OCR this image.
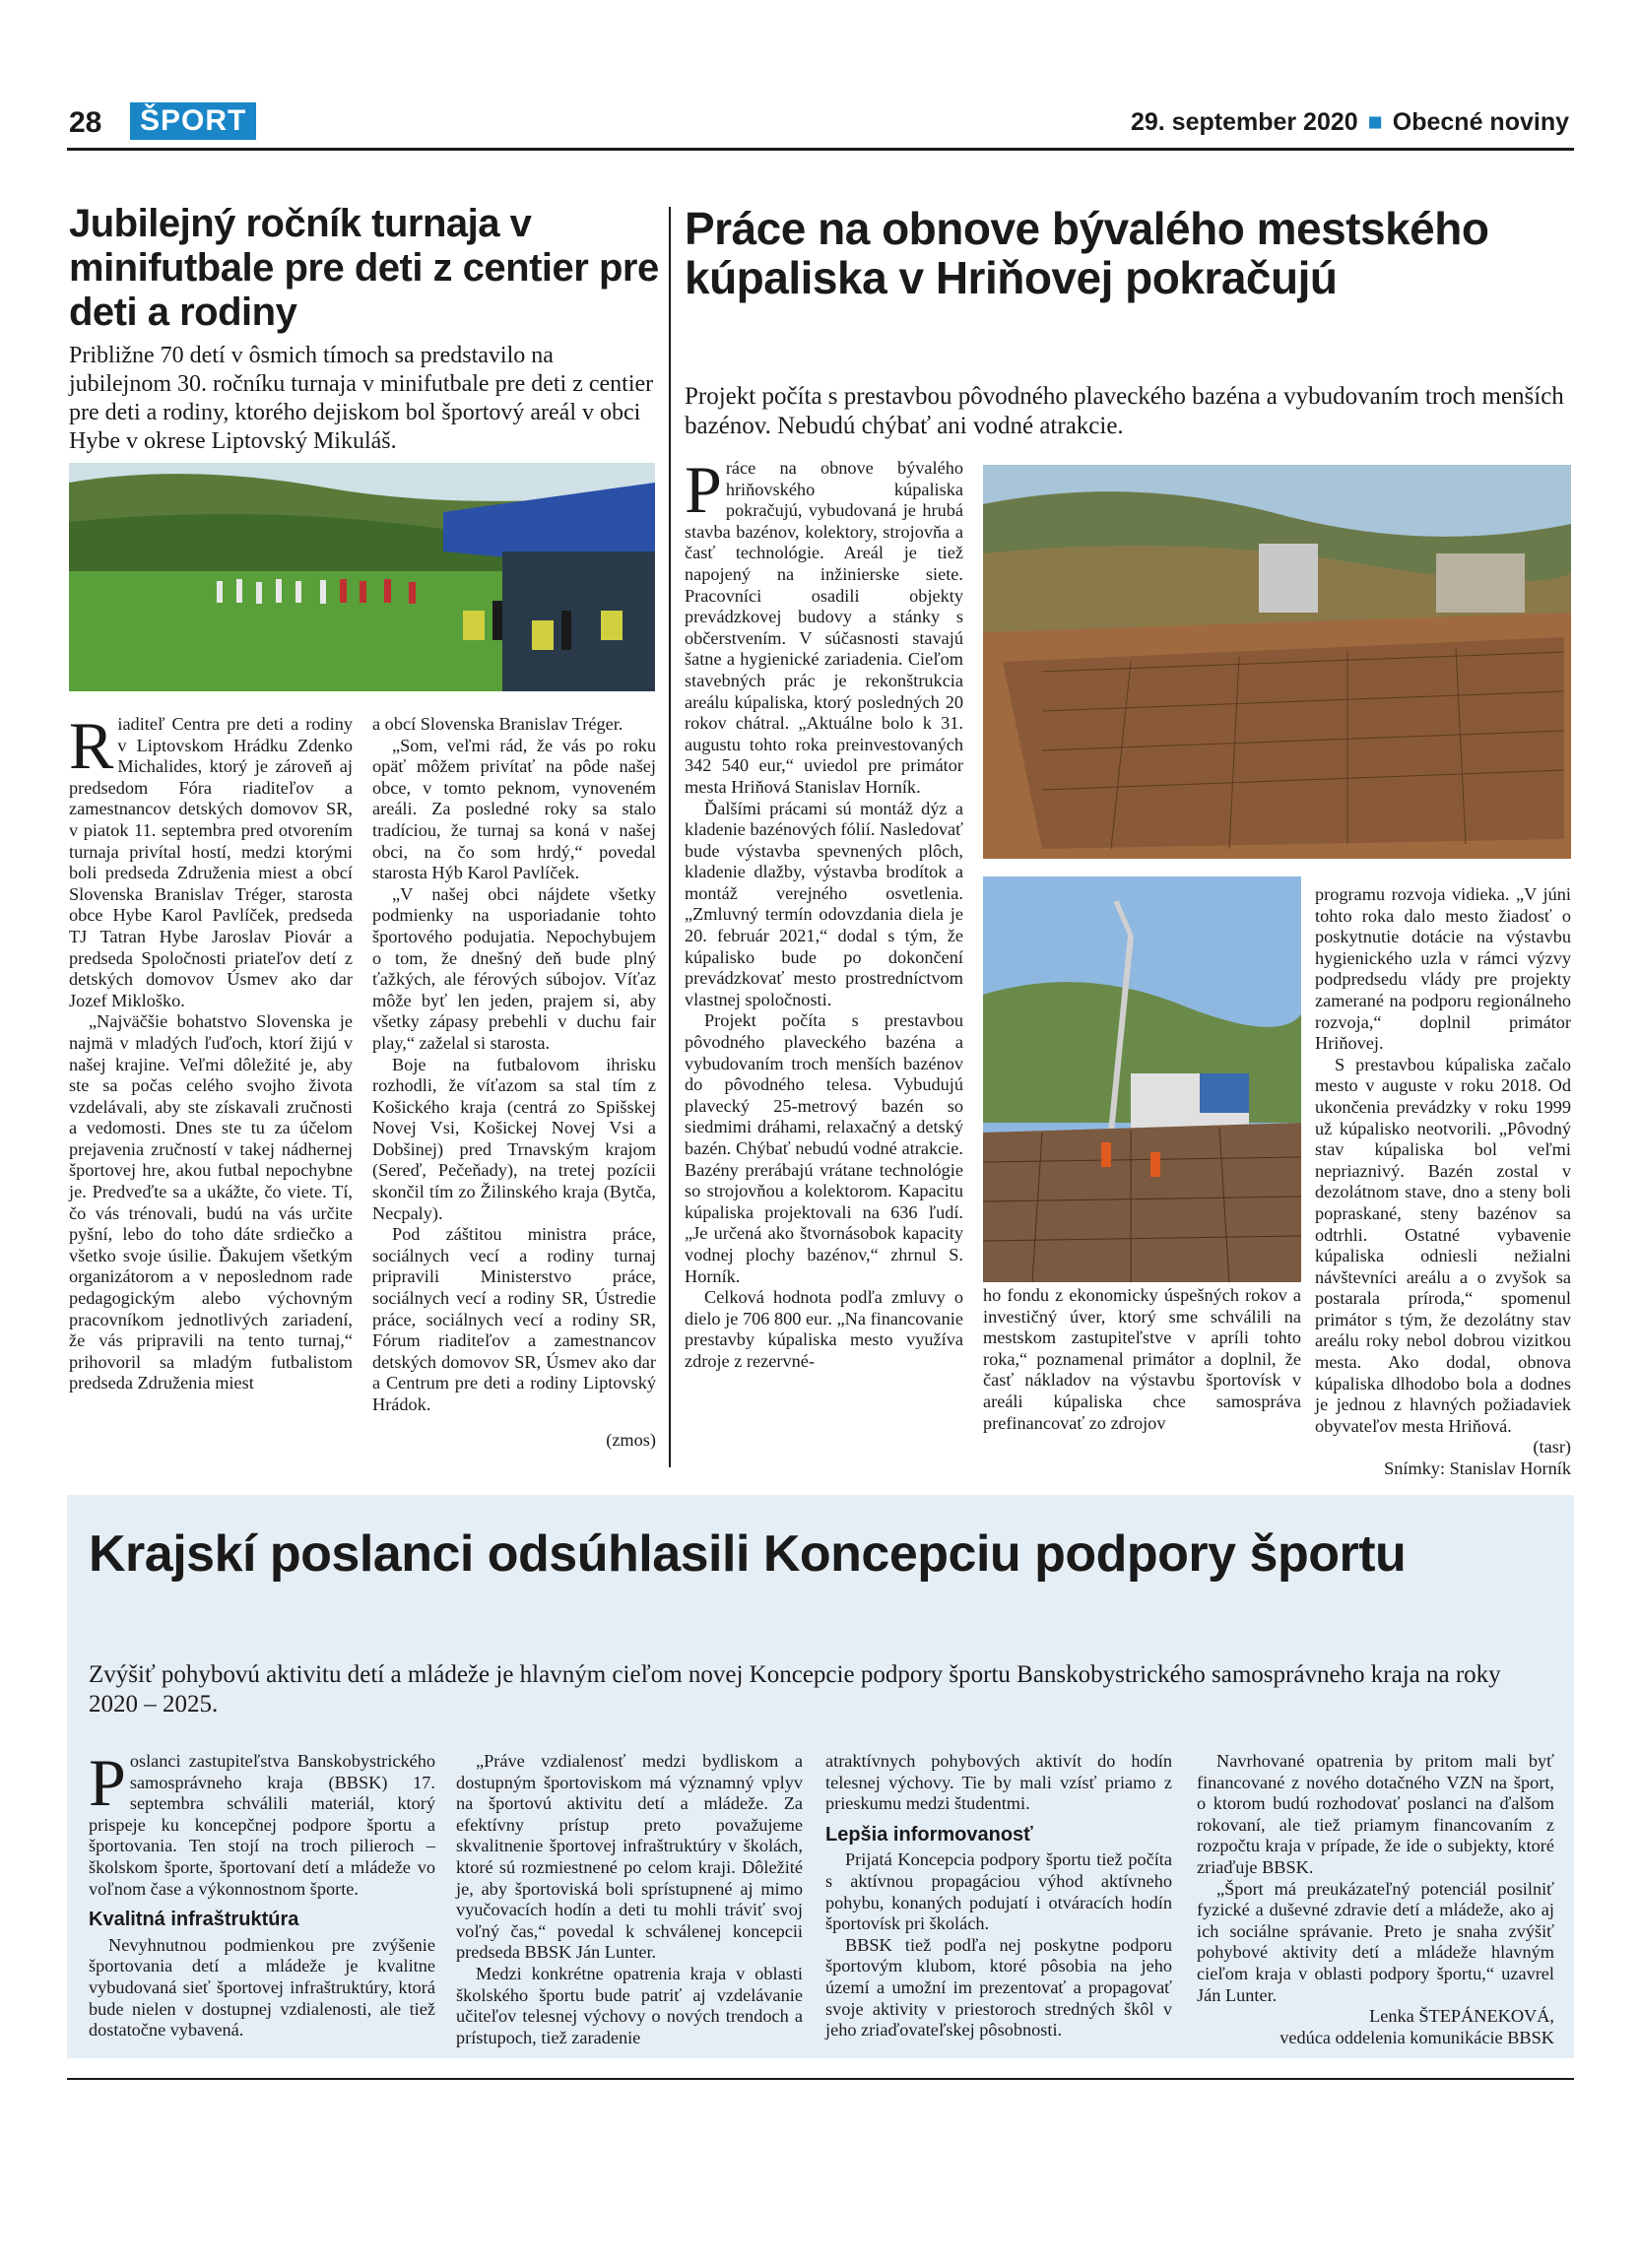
28	ŠPORT	29. september 2020 ■ Obecné noviny
Jubilejný ročník turnaja v minifutbale pre deti z centier pre deti a rodiny
Približne 70 detí v ôsmich tímoch sa predstavilo na jubilejnom 30. ročníku turnaja v minifutbale pre deti z centier pre deti a rodiny, ktorého dejiskom bol športový areál v obci Hybe v okrese Liptovský Mikuláš.

Riaditeľ Centra pre deti a rodiny v Liptovskom Hrádku Zdenko Michalides, ktorý je zároveň aj predsedom Fóra riaditeľov a zamestnancov detských domovov SR, v piatok 11. septembra pred otvorením turnaja privítal hostí, medzi ktorými boli predseda Združenia miest a obcí Slovenska Branislav Tréger, starosta obce Hybe Karol Pavlíček, predseda TJ Tatran Hybe Jaroslav Piovár a predseda Spoločnosti priateľov detí z detských domovov Úsmev ako dar Jozef Mikloško.

„Najväčšie bohatstvo Slovenska je najmä v mladých ľuďoch, ktorí žijú v našej krajine. Veľmi dôležité je, aby ste sa počas celého svojho života vzdelávali, aby ste získavali zručnosti a vedomosti. Dnes ste tu za účelom prejavenia zručností v takej nádhernej športovej hre, akou futbal nepochybne je. Predveďte sa a ukážte, čo viete. Tí, čo vás trénovali, budú na vás určite pyšní, lebo do toho dáte srdiečko a všetko svoje úsilie. Ďakujem všetkým organizátorom a v neposlednom rade pedagogickým alebo výchovným pracovníkom jednotlivých zariadení, že vás pripravili na tento turnaj,“ prihovoril sa mladým futbalistom predseda Združenia miest

a obcí Slovenska Branislav Tréger.

„Som, veľmi rád, že vás po roku opäť môžem privítať na pôde našej obce, v tomto peknom, vynoveném areáli. Za posledné roky sa stalo tradíciou, že turnaj sa koná v našej obci, na čo som hrdý,“ povedal starosta Hýb Karol Pavlíček.

„V našej obci nájdete všetky podmienky na usporiadanie tohto športového podujatia. Nepochybujem o tom, že dnešný deň bude plný ťažkých, ale férových súbojov. Víťaz môže byť len jeden, prajem si, aby všetky zápasy prebehli v duchu fair play,“ zaželal si starosta.

Boje na futbalovom ihrisku rozhodli, že víťazom sa stal tím z Košického kraja (centrá zo Spišskej Novej Vsi, Košickej Novej Vsi a Dobšinej) pred Trnavským krajom (Sereď, Pečeňady), na tretej pozícii skončil tím zo Žilinského kraja (Bytča, Necpaly).

Pod záštitou ministra práce, sociálnych vecí a rodiny turnaj pripravili Ministerstvo práce, sociálnych vecí a rodiny SR, Ústredie práce, sociálnych vecí a rodiny SR, Fórum riaditeľov a zamestnancov detských domovov SR, Úsmev ako dar a Centrum pre deti a rodiny Liptovský Hrádok.

(zmos)
Práce na obnove bývalého mestského kúpaliska v Hriňovej pokračujú
Projekt počíta s prestavbou pôvodného plaveckého bazéna a vybudovaním troch menších bazénov. Nebudú chýbať ani vodné atrakcie.

Práce na obnove bývalého hriňovského kúpaliska pokračujú, vybudovaná je hrubá stavba bazénov, kolektory, strojovňa a časť technológie. Areál je tiež napojený na inžinierske siete. Pracovníci osadili objekty prevádzkovej budovy a stánky s občerstvením. V súčasnosti stavajú šatne a hygienické zariadenia. Cieľom stavebných prác je rekonštrukcia areálu kúpaliska, ktorý posledných 20 rokov chátral. „Aktuálne bolo k 31. augustu tohto roka preinvestovaných 342 540 eur,“ uviedol pre primátor mesta Hriňová Stanislav Horník.

Ďalšími prácami sú montáž dýz a kladenie bazénových fólií. Nasledovať bude výstavba spevnených plôch, kladenie dlažby, výstavba brodítok a montáž verejného osvetlenia. „Zmluvný termín odovzdania diela je 20. február 2021,“ dodal s tým, že kúpalisko bude po dokončení prevádzkovať mesto prostredníctvom vlastnej spoločnosti.

Projekt počíta s prestavbou pôvodného plaveckého bazéna a vybudovaním troch menších bazénov do pôvodného telesa. Vybudujú plavecký 25-metrový bazén so siedmimi dráhami, relaxačný a detský bazén. Chýbať nebudú vodné atrakcie. Bazény prerábajú vrátane technológie so strojovňou a kolektorom. Kapacitu kúpaliska projektovali na 636 ľudí. „Je určená ako štvornásobok kapacity vodnej plochy bazénov,“ zhrnul S. Horník.

Celková hodnota podľa zmluvy o dielo je 706 800 eur. „Na financovanie prestavby kúpaliska mesto využíva zdroje z rezervné-

ho fondu z ekonomicky úspešných rokov a investičný úver, ktorý sme schválili na mestskom zastupiteľstve v apríli tohto roka,“ poznamenal primátor a doplnil, že časť nákladov na výstavbu športovísk v areáli kúpaliska chce samospráva prefinancovať zo zdrojov

programu rozvoja vidieka. „V júni tohto roka dalo mesto žiadosť o poskytnutie dotácie na výstavbu hygienického uzla v rámci výzvy podpredsedu vlády pre projekty zamerané na podporu regionálneho rozvoja,“ doplnil primátor Hriňovej.

S prestavbou kúpaliska začalo mesto v auguste v roku 2018. Od ukončenia prevádzky v roku 1999 už kúpalisko neotvorili. „Pôvodný stav kúpaliska bol veľmi nepriaznivý. Bazén zostal v dezolátnom stave, dno a steny boli popraskané, steny bazénov sa odtrhli. Ostatné vybavenie kúpaliska odniesli nežialni návštevníci areálu a o zvyšok sa postarala príroda,“ spomenul primátor s tým, že dezolátny stav areálu roky nebol dobrou vizitkou mesta. Ako dodal, obnova kúpaliska dlhodobo bola a dodnes je jednou z hlavných požiadaviek obyvateľov mesta Hriňová.

(tasr)
Snímky: Stanislav Horník
Krajskí poslanci odsúhlasili Koncepciu podpory športu
Zvýšiť pohybovú aktivitu detí a mládeže je hlavným cieľom novej Koncepcie podpory športu Banskobystrického samosprávneho kraja na roky 2020 – 2025.

Poslanci zastupiteľstva Banskobystrického samosprávneho kraja (BBSK) 17. septembra schválili materiál, ktorý prispeje ku koncepčnej podpore športu a športovania. Ten stojí na troch pilieroch – školskom športe, športovaní detí a mládeže vo voľnom čase a výkonnostnom športe.

Kvalitná infraštruktúra

Nevyhnutnou podmienkou pre zvýšenie športovania detí a mládeže je kvalitne vybudovaná sieť športovej infraštruktúry, ktorá bude nielen v dostupnej vzdialenosti, ale tiež dostatočne vybavená.

„Práve vzdialenosť medzi bydliskom a dostupným športoviskom má významný vplyv na športovú aktivitu detí a mládeže. Za efektívny prístup preto považujeme skvalitnenie športovej infraštruktúry v školách, ktoré sú rozmiestnené po celom kraji. Dôležité je, aby športoviská boli sprístupnené aj mimo vyučovacích hodín a deti tu mohli tráviť svoj voľný čas,“ povedal k schválenej koncepcii predseda BBSK Ján Lunter.

Medzi konkrétne opatrenia kraja v oblasti školského športu bude patriť aj vzdelávanie učiteľov telesnej výchovy o nových trendoch a prístupoch, tiež zaradenie

atraktívnych pohybových aktivít do hodín telesnej výchovy. Tie by mali vzísť priamo z prieskumu medzi študentmi.

Lepšia informovanosť

Prijatá Koncepcia podpory športu tiež počíta s aktívnou propagáciou výhod aktívneho pohybu, konaných podujatí i otváracích hodín športovísk pri školách.

BBSK tiež podľa nej poskytne podporu športovým klubom, ktoré pôsobia na jeho území a umožní im prezentovať a propagovať svoje aktivity v priestoroch stredných škôl v jeho zriaďovateľskej pôsobnosti.

Navrhované opatrenia by pritom mali byť financované z nového dotačného VZN na šport, o ktorom budú rozhodovať poslanci na ďalšom rokovaní, ale tiež priamym financovaním z rozpočtu kraja v prípade, že ide o subjekty, ktoré zriaďuje BBSK.

„Šport má preukázateľný potenciál posilniť fyzické a duševné zdravie detí a mládeže, ako aj ich sociálne správanie. Preto je snaha zvýšiť pohybové aktivity detí a mládeže hlavným cieľom kraja v oblasti podpory športu,“ uzavrel Ján Lunter.

Lenka ŠTEPÁNEKOVÁ,
vedúca oddelenia komunikácie BBSK
